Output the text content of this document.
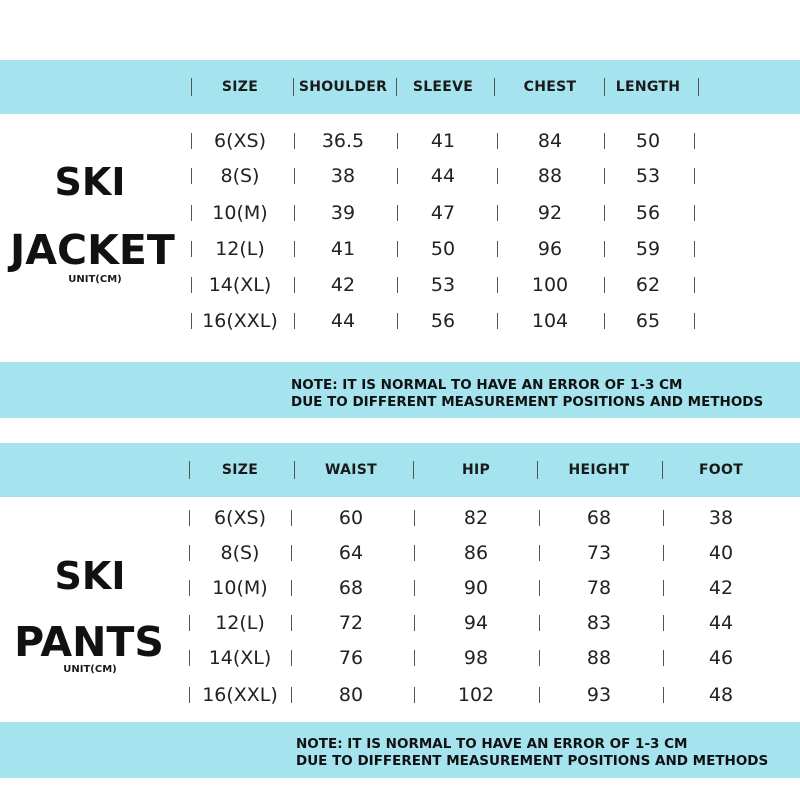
SIZE	SHOULDER	SLEEVE	CHEST	LENGTH
SKI
JACKET
UNIT(CM)
6(XS)	36.5	41	84	50
8(S)	38	44	88	53
10(M)	39	47	92	56
12(L)	41	50	96	59
14(XL)	42	53	100	62
16(XXL)	44	56	104	65
NOTE: IT IS NORMAL TO HAVE AN ERROR OF 1-3 CM
DUE TO DIFFERENT MEASUREMENT POSITIONS AND METHODS
SIZE	WAIST	HIP	HEIGHT	FOOT
SKI
PANTS
UNIT(CM)
6(XS)	60	82	68	38
8(S)	64	86	73	40
10(M)	68	90	78	42
12(L)	72	94	83	44
14(XL)	76	98	88	46
16(XXL)	80	102	93	48
NOTE: IT IS NORMAL TO HAVE AN ERROR OF 1-3 CM
DUE TO DIFFERENT MEASUREMENT POSITIONS AND METHODS
